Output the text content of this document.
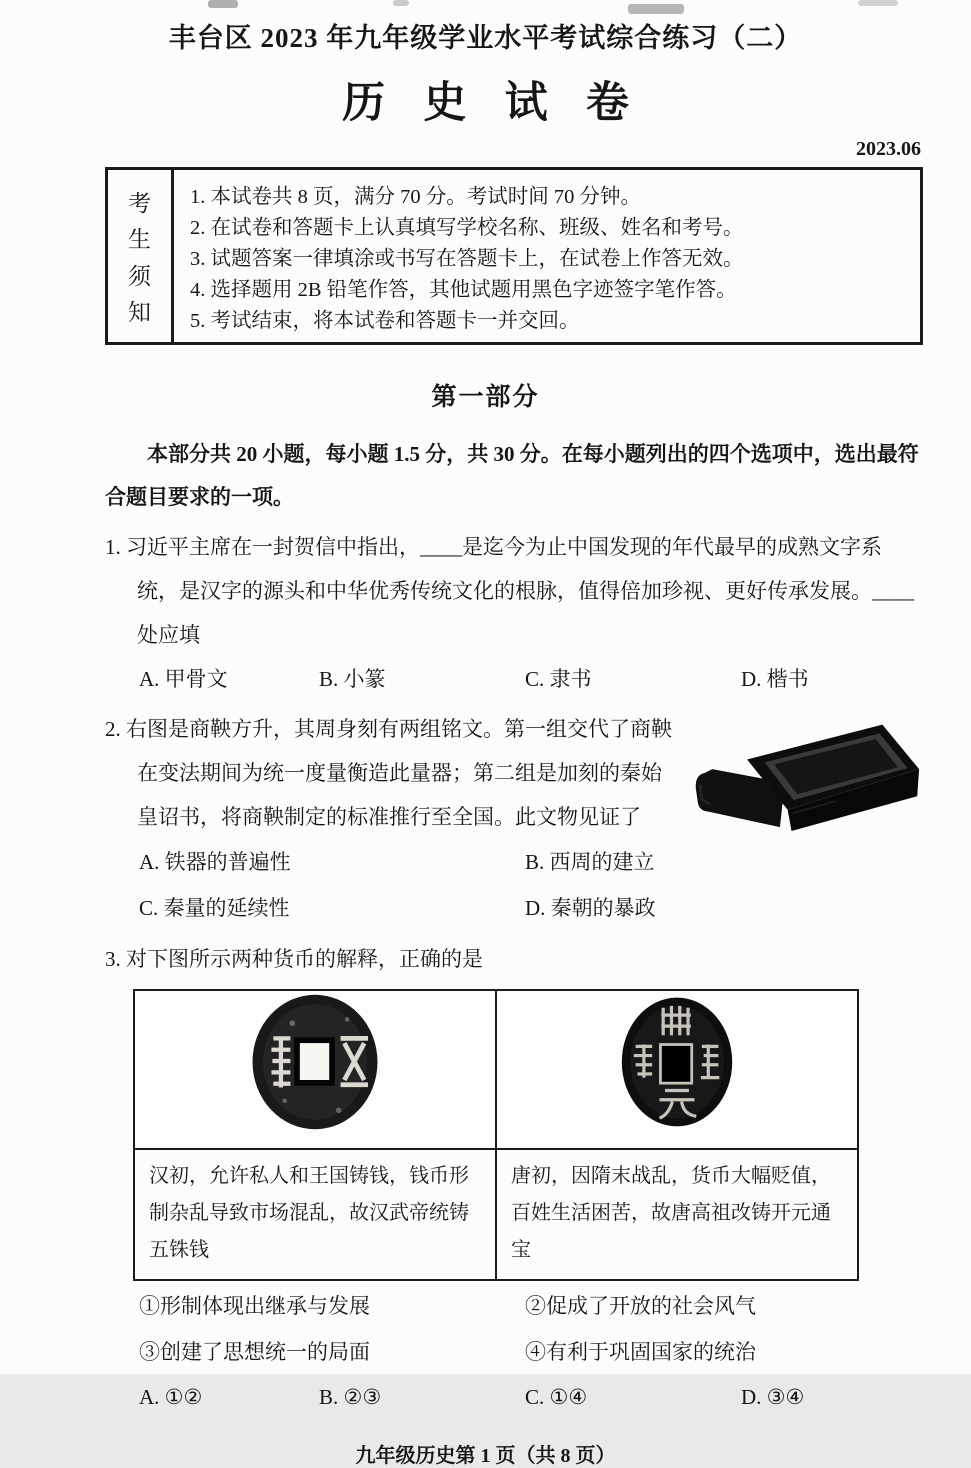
丰台区 2023 年九年级学业水平考试综合练习（二）
历 史 试 卷
2023.06
考
生
须
知
1. 本试卷共 8 页，满分 70 分。考试时间 70 分钟。
2. 在试卷和答题卡上认真填写学校名称、班级、姓名和考号。
3. 试题答案一律填涂或书写在答题卡上，在试卷上作答无效。
4. 选择题用 2B 铅笔作答，其他试题用黑色字迹签字笔作答。
5. 考试结束，将本试卷和答题卡一并交回。
第一部分
本部分共 20 小题，每小题 1.5 分，共 30 分。在每小题列出的四个选项中，选出最符合题目要求的一项。
1. 习近平主席在一封贺信中指出，____是迄今为止中国发现的年代最早的成熟文字系统，是汉字的源头和中华优秀传统文化的根脉，值得倍加珍视、更好传承发展。____处应填
A. 甲骨文	B. 小篆	C. 隶书	D. 楷书
2. 右图是商鞅方升，其周身刻有两组铭文。第一组交代了商鞅在变法期间为统一度量衡造此量器；第二组是加刻的秦始皇诏书，将商鞅制定的标准推行至全国。此文物见证了
A. 铁器的普遍性	B. 西周的建立
C. 秦量的延续性	D. 秦朝的暴政
3. 对下图所示两种货币的解释，正确的是

汉初，允许私人和王国铸钱，钱币形制杂乱导致市场混乱，故汉武帝统铸五铢钱	唐初，因隋末战乱，货币大幅贬值，百姓生活困苦，故唐高祖改铸开元通宝
①形制体现出继承与发展	②促成了开放的社会风气
③创建了思想统一的局面	④有利于巩固国家的统治
A. ①②	B. ②③	C. ①④	D. ③④
九年级历史第 1 页（共 8 页）
